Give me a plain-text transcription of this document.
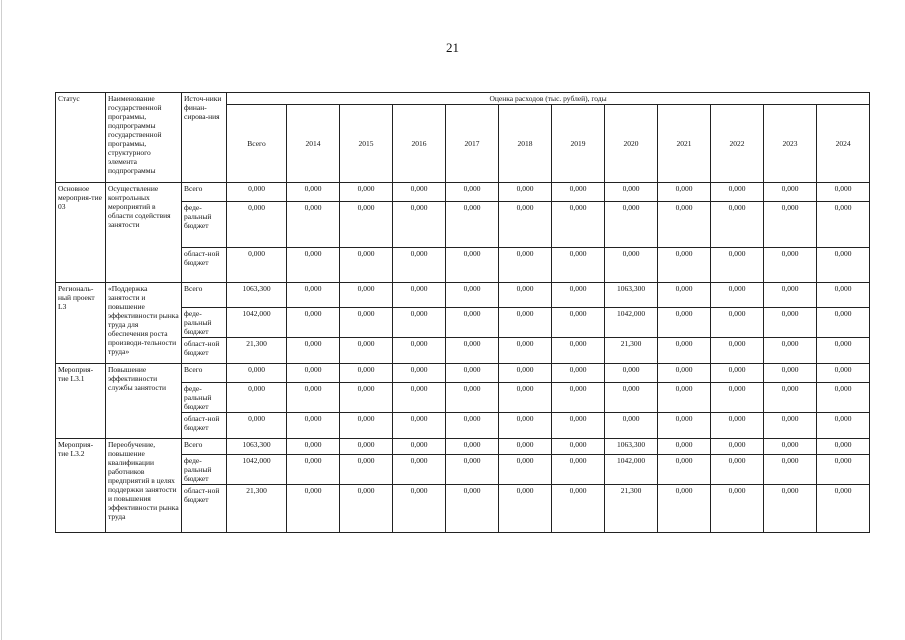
21
Статус	Наименование государственной программы, подпрограммы государственной программы, структурного элемента подпрограммы	Источ-ники финан-сирова-ния	Оценка расходов (тыс. рублей), годы											
			Всего	2014	2015	2016	2017	2018	2019	2020	2021	2022	2023	2024
Основное мероприя-тие 03	Осуществление контрольных мероприятий в области содействия занятости	Всего	0,000	0,000	0,000	0,000	0,000	0,000	0,000	0,000	0,000	0,000	0,000	0,000
		феде-ральный бюджет	0,000	0,000	0,000	0,000	0,000	0,000	0,000	0,000	0,000	0,000	0,000	0,000
		област-ной бюджет	0,000	0,000	0,000	0,000	0,000	0,000	0,000	0,000	0,000	0,000	0,000	0,000
Региональ-ный проект L3	«Поддержка занятости и повышение эффективности рынка труда для обеспечения роста производи-тельности труда»	Всего	1063,300	0,000	0,000	0,000	0,000	0,000	0,000	1063,300	0,000	0,000	0,000	0,000
		феде-ральный бюджет	1042,000	0,000	0,000	0,000	0,000	0,000	0,000	1042,000	0,000	0,000	0,000	0,000
		област-ной бюджет	21,300	0,000	0,000	0,000	0,000	0,000	0,000	21,300	0,000	0,000	0,000	0,000
Мероприя-тие L3.1	Повышение эффективности службы занятости	Всего	0,000	0,000	0,000	0,000	0,000	0,000	0,000	0,000	0,000	0,000	0,000	0,000
		феде-ральный бюджет	0,000	0,000	0,000	0,000	0,000	0,000	0,000	0,000	0,000	0,000	0,000	0,000
		област-ной бюджет	0,000	0,000	0,000	0,000	0,000	0,000	0,000	0,000	0,000	0,000	0,000	0,000
Мероприя-тие L3.2	Переобучение, повышение квалификации работников предприятий в целях поддержки занятости и повышения эффективности рынка труда	Всего	1063,300	0,000	0,000	0,000	0,000	0,000	0,000	1063,300	0,000	0,000	0,000	0,000
		феде-ральный бюджет	1042,000	0,000	0,000	0,000	0,000	0,000	0,000	1042,000	0,000	0,000	0,000	0,000
		област-ной бюджет	21,300	0,000	0,000	0,000	0,000	0,000	0,000	21,300	0,000	0,000	0,000	0,000
